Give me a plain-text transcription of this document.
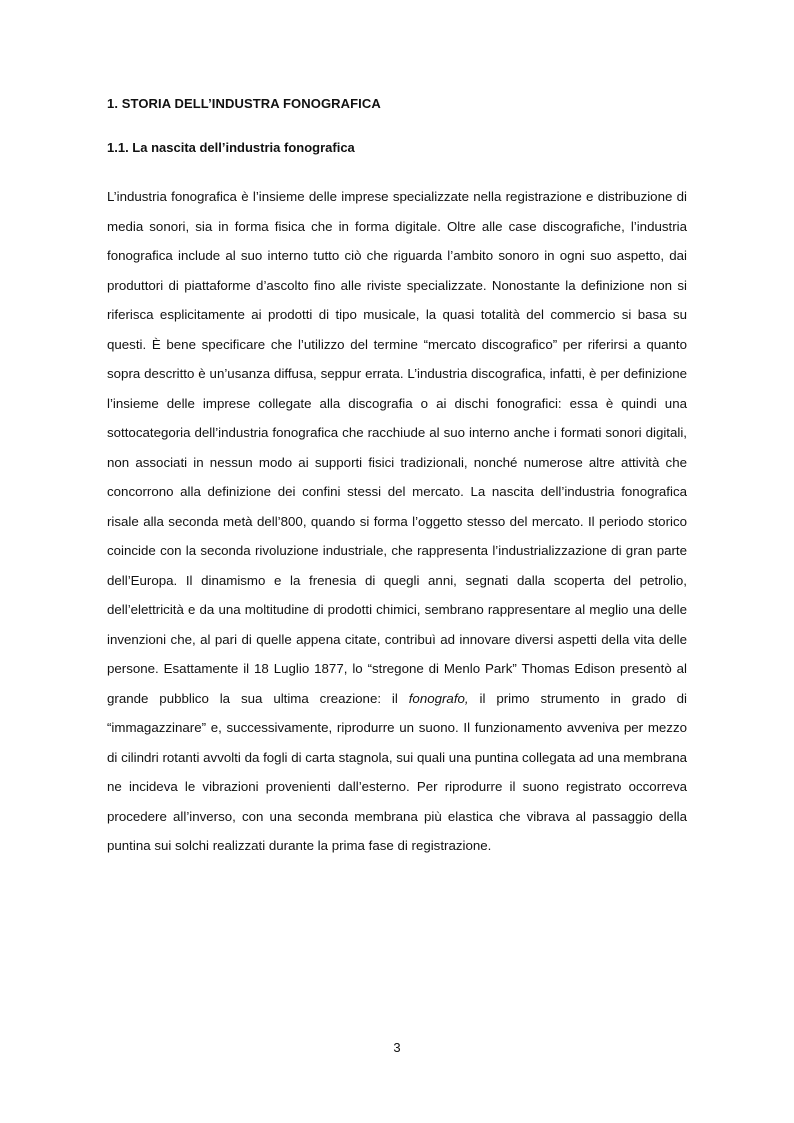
1. STORIA DELL’INDUSTRA FONOGRAFICA
1.1. La nascita dell’industria fonografica

L’industria fonografica è l’insieme delle imprese specializzate nella registrazione e distribuzione di media sonori, sia in forma fisica che in forma digitale. Oltre alle case discografiche, l’industria fonografica include al suo interno tutto ciò che riguarda l’ambito sonoro in ogni suo aspetto, dai produttori di piattaforme d’ascolto fino alle riviste specializzate. Nonostante la definizione non si riferisca esplicitamente ai prodotti di tipo musicale, la quasi totalità del commercio si basa su questi. È bene specificare che l’utilizzo del termine “mercato discografico” per riferirsi a quanto sopra descritto è un’usanza diffusa, seppur errata. L’industria discografica, infatti, è per definizione l’insieme delle imprese collegate alla discografia o ai dischi fonografici: essa è quindi una sottocategoria dell’industria fonografica che racchiude al suo interno anche i formati sonori digitali, non associati in nessun modo ai supporti fisici tradizionali, nonché numerose altre attività che concorrono alla definizione dei confini stessi del mercato. La nascita dell’industria fonografica risale alla seconda metà dell’800, quando si forma l’oggetto stesso del mercato. Il periodo storico coincide con la seconda rivoluzione industriale, che rappresenta l’industrializzazione di gran parte dell’Europa. Il dinamismo e la frenesia di quegli anni, segnati dalla scoperta del petrolio, dell’elettricità e da una moltitudine di prodotti chimici, sembrano rappresentare al meglio una delle invenzioni che, al pari di quelle appena citate, contribuì ad innovare diversi aspetti della vita delle persone. Esattamente il 18 Luglio 1877, lo “stregone di Menlo Park” Thomas Edison presentò al grande pubblico la sua ultima creazione: il fonografo, il primo strumento in grado di “immagazzinare” e, successivamente, riprodurre un suono. Il funzionamento avveniva per mezzo di cilindri rotanti avvolti da fogli di carta stagnola, sui quali una puntina collegata ad una membrana ne incideva le vibrazioni provenienti dall’esterno. Per riprodurre il suono registrato occorreva procedere all’inverso, con una seconda membrana più elastica che vibrava al passaggio della puntina sui solchi realizzati durante la prima fase di registrazione.

3
